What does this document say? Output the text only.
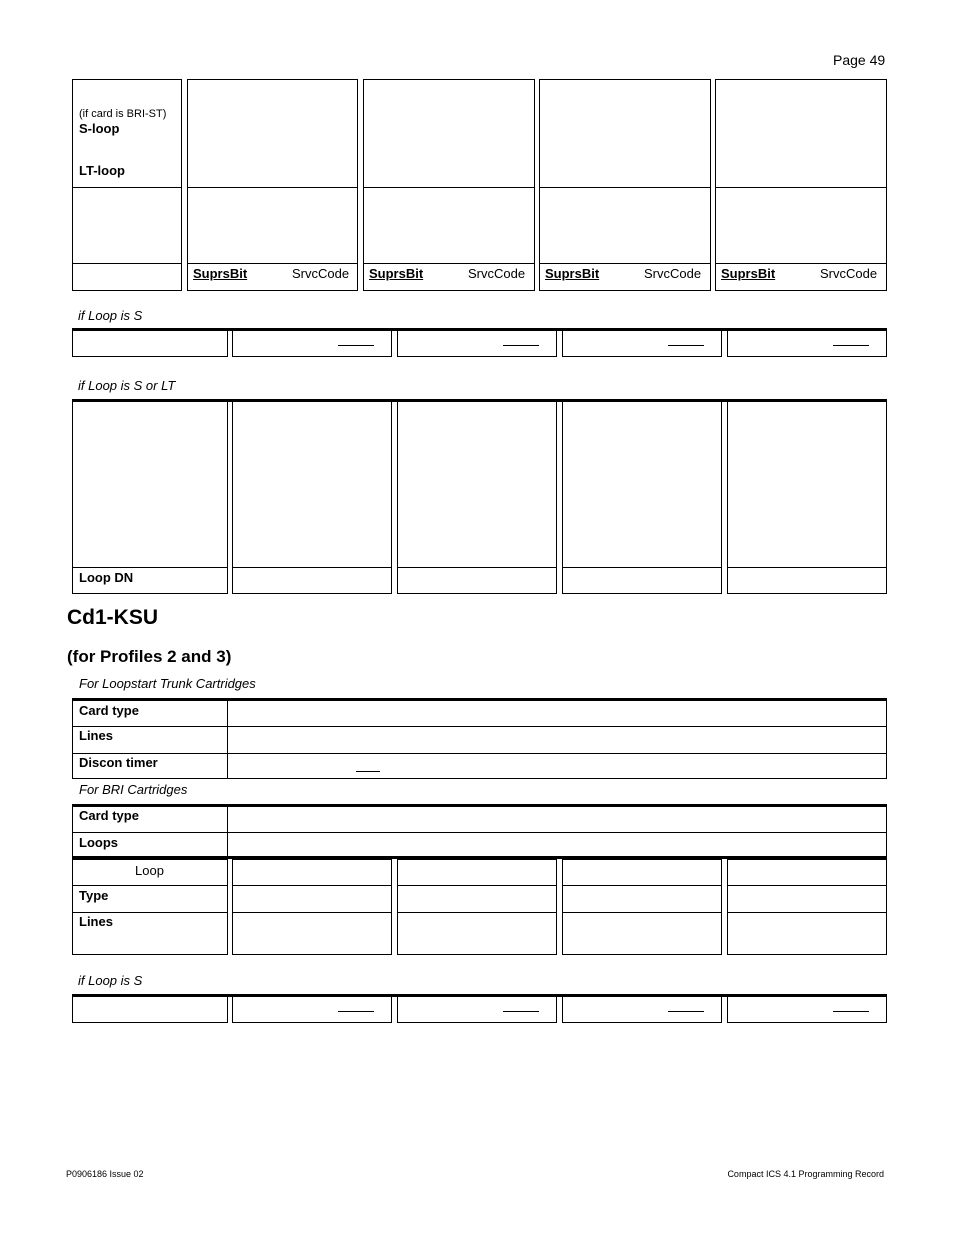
Page 49
(if card is BRI-ST)
S-loop
LT-loop
SuprsBit	SrvcCode SuprsBit	SrvcCode SuprsBit	SrvcCode SuprsBit	SrvcCode
if Loop is S
if Loop is S or LT
Loop DN
Cd1-KSU
(for Profiles 2 and 3)
For Loopstart Trunk Cartridges
Card type
Lines
Discon timer
For BRI Cartridges
Card type
Loops
Loop
Type
Lines
if Loop is S
P0906186 Issue 02	Compact ICS 4.1 Programming Record
